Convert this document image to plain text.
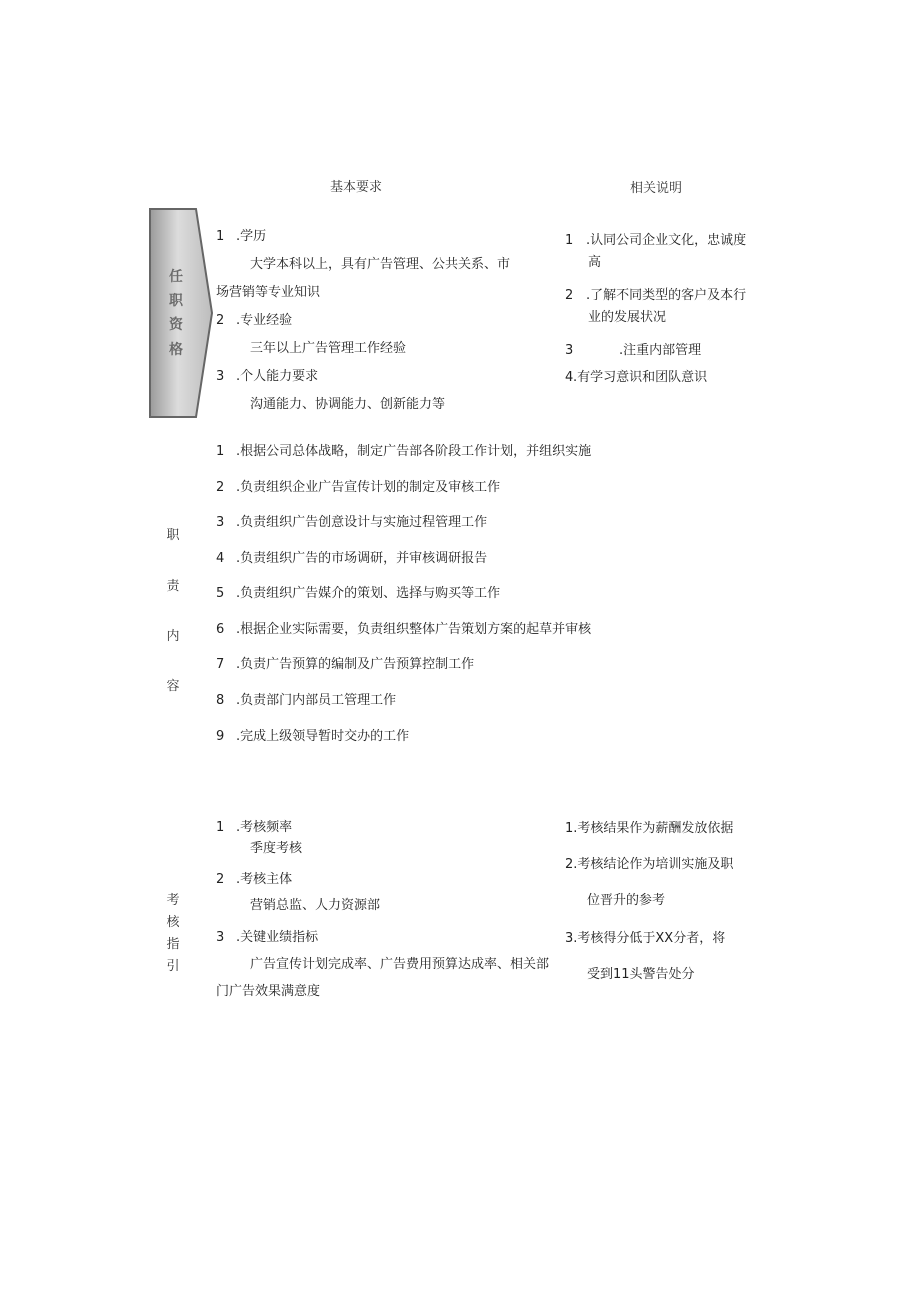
基本要求	相关说明
任
职
资
格
1 .学历
大学本科以上，具有广告管理、公共关系、市
场营销等专业知识
2 .专业经验
三年以上广告管理工作经验
3 .个人能力要求
沟通能力、协调能力、创新能力等
1 .认同公司企业文化，忠诚度
高
2 .了解不同类型的客户及本行
业的发展状况
3	.注重内部管理
4 .有学习意识和团队意识
职
责
内
容
1 .根据公司总体战略，制定广告部各阶段工作计划，并组织实施
2 .负责组织企业广告宣传计划的制定及审核工作
3 .负责组织广告创意设计与实施过程管理工作
4 .负责组织广告的市场调研，并审核调研报告
5 .负责组织广告媒介的策划、选择与购买等工作
6 .根据企业实际需要，负责组织整体广告策划方案的起草并审核
7 .负责广告预算的编制及广告预算控制工作
8 .负责部门内部员工管理工作
9 .完成上级领导暂时交办的工作
考
核
指
引
1 .考核频率
季度考核
2 .考核主体
营销总监、人力资源部
3 .关键业绩指标
广告宣传计划完成率、广告费用预算达成率、相关部
门广告效果满意度
1.考核结果作为薪酬发放依据
2.考核结论作为培训实施及职
位晋升的参考
3.考核得分低于XX分者，将
受到11头警告处分
